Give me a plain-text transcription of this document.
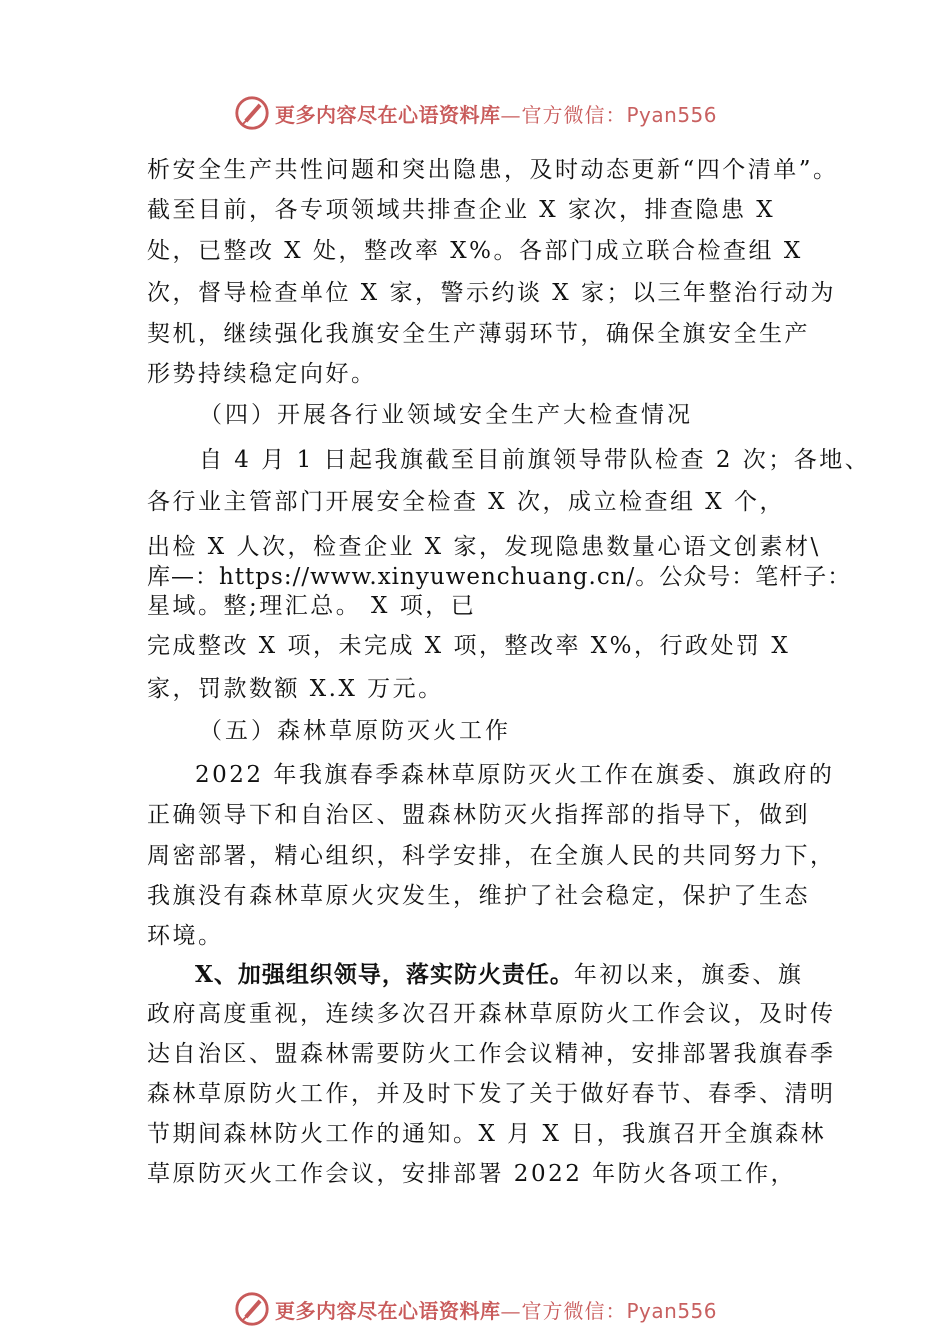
更多内容尽在心语资料库—官方微信：Pyan556
析安全生产共性问题和突出隐患，及时动态更新“四个清单”。
截至目前，各专项领域共排查企业 X 家次，排查隐患 X
处，已整改 X 处，整改率 X%。各部门成立联合检查组 X
次，督导检查单位 X 家，警示约谈 X 家；以三年整治行动为
契机，继续强化我旗安全生产薄弱环节，确保全旗安全生产
形势持续稳定向好。
（四）开展各行业领域安全生产大检查情况
自 4 月 1 日起我旗截至目前旗领导带队检查 2 次；各地、
各行业主管部门开展安全检查 X 次，成立检查组 X 个，
出检 X 人次，检查企业 X 家，发现隐患数量心语文创素材\
库—：https://www.xinyuwenchuang.cn/。公众号：笔杆子：
星域。整;理汇总。 X 项，已
完成整改 X 项，未完成 X 项，整改率 X%，行政处罚 X
家，罚款数额 X.X 万元。
（五）森林草原防灭火工作
2022 年我旗春季森林草原防灭火工作在旗委、旗政府的
正确领导下和自治区、盟森林防灭火指挥部的指导下，做到
周密部署，精心组织，科学安排，在全旗人民的共同努力下，
我旗没有森林草原火灾发生，维护了社会稳定，保护了生态
环境。
X、加强组织领导，落实防火责任。年初以来，旗委、旗
政府高度重视，连续多次召开森林草原防火工作会议，及时传
达自治区、盟森林需要防火工作会议精神，安排部署我旗春季
森林草原防火工作，并及时下发了关于做好春节、春季、清明
节期间森林防火工作的通知。X 月 X 日，我旗召开全旗森林
草原防灭火工作会议，安排部署 2022 年防火各项工作，
更多内容尽在心语资料库—官方微信：Pyan556
